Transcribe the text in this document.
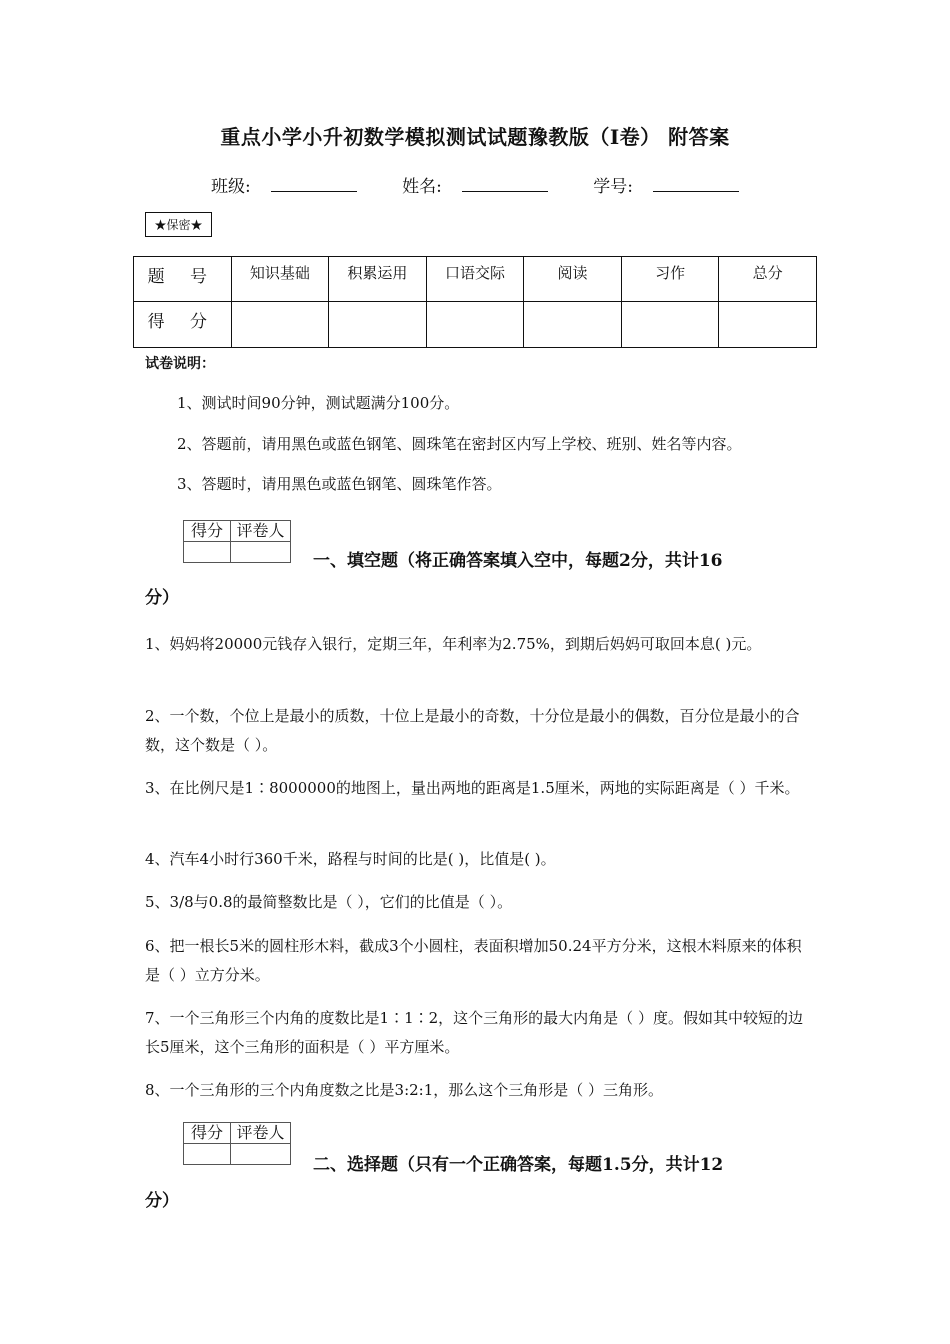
重点小学小升初数学模拟测试试题豫教版（I卷） 附答案
班级:	姓名:	学号:
★保密★
题 号	知识基础	积累运用	口语交际	阅读	习作	总分
得 分						
试卷说明：
1、测试时间90分钟，测试题满分100分。
2、答题前，请用黑色或蓝色钢笔、圆珠笔在密封区内写上学校、班别、姓名等内容。
3、答题时，请用黑色或蓝色钢笔、圆珠笔作答。
得分	评卷人

一、填空题（将正确答案填入空中，每题2分，共计16
分）
1、妈妈将20000元钱存入银行，定期三年，年利率为2.75%，到期后妈妈可取回本息( )元。
2、一个数，个位上是最小的质数，十位上是最小的奇数，十分位是最小的偶数，百分位是最小的合数，这个数是（ ）。
3、在比例尺是1∶8000000的地图上，量出两地的距离是1.5厘米，两地的实际距离是（ ）千米。
4、汽车4小时行360千米，路程与时间的比是( )，比值是( )。
5、3/8与0.8的最简整数比是（ ），它们的比值是（ ）。
6、把一根长5米的圆柱形木料，截成3个小圆柱，表面积增加50.24平方分米，这根木料原来的体积是（ ）立方分米。
7、一个三角形三个内角的度数比是1∶1∶2，这个三角形的最大内角是（ ）度。假如其中较短的边长5厘米，这个三角形的面积是（ ）平方厘米。
8、一个三角形的三个内角度数之比是3:2:1，那么这个三角形是（ ）三角形。
得分	评卷人

二、选择题（只有一个正确答案，每题1.5分，共计12
分）
